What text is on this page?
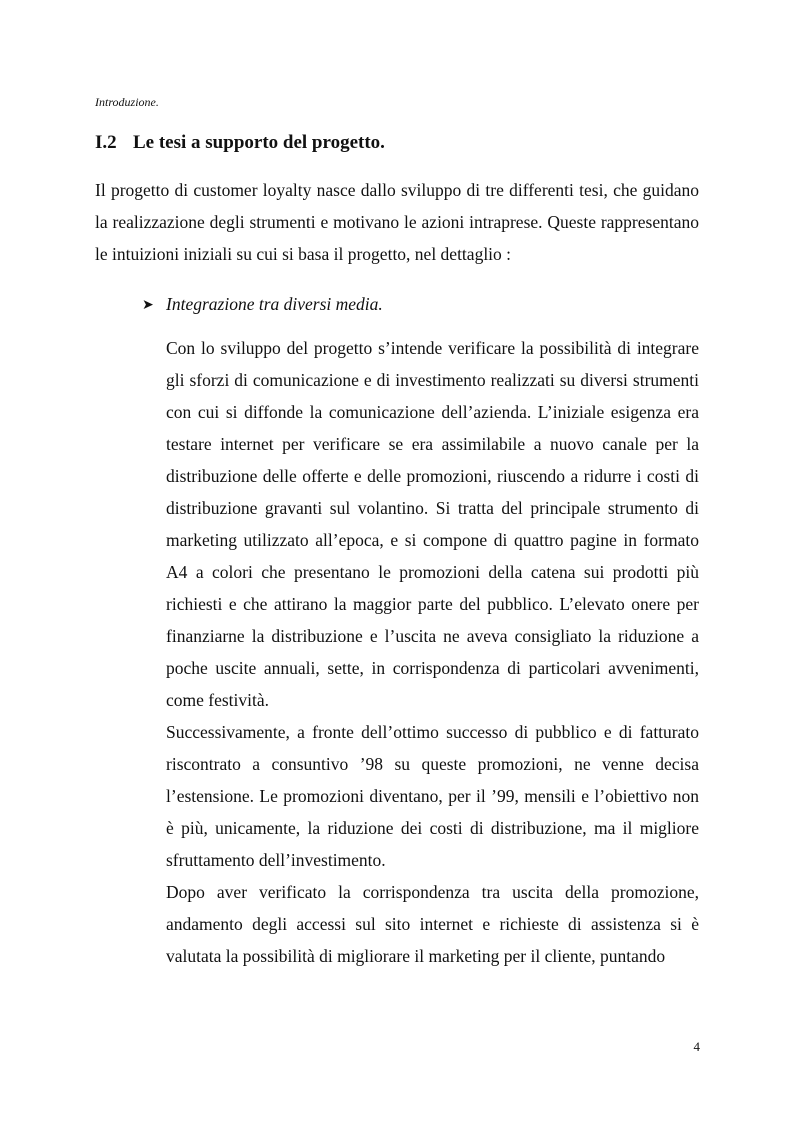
Introduzione.
I.2 Le tesi a supporto del progetto.

Il progetto di customer loyalty nasce dallo sviluppo di tre differenti tesi, che guidano la realizzazione degli strumenti e motivano le azioni intraprese. Queste rappresentano le intuizioni iniziali su cui si basa il progetto, nel dettaglio :

➤ Integrazione tra diversi media.

Con lo sviluppo del progetto s’intende verificare la possibilità di integrare gli sforzi di comunicazione e di investimento realizzati su diversi strumenti con cui si diffonde la comunicazione dell’azienda. L’iniziale esigenza era testare internet per verificare se era assimilabile a nuovo canale per la distribuzione delle offerte e delle promozioni, riuscendo a ridurre i costi di distribuzione gravanti sul volantino. Si tratta del principale strumento di marketing utilizzato all’epoca, e si compone di quattro pagine in formato A4 a colori che presentano le promozioni della catena sui prodotti più richiesti e che attirano la maggior parte del pubblico. L’elevato onere per finanziarne la distribuzione e l’uscita ne aveva consigliato la riduzione a poche uscite annuali, sette, in corrispondenza di particolari avvenimenti, come festività.

Successivamente, a fronte dell’ottimo successo di pubblico e di fatturato riscontrato a consuntivo ’98 su queste promozioni, ne venne decisa l’estensione. Le promozioni diventano, per il ’99, mensili e l’obiettivo non è più, unicamente, la riduzione dei costi di distribuzione, ma il migliore sfruttamento dell’investimento.

Dopo aver verificato la corrispondenza tra uscita della promozione, andamento degli accessi sul sito internet e richieste di assistenza si è valutata la possibilità di migliorare il marketing per il cliente, puntando

4
